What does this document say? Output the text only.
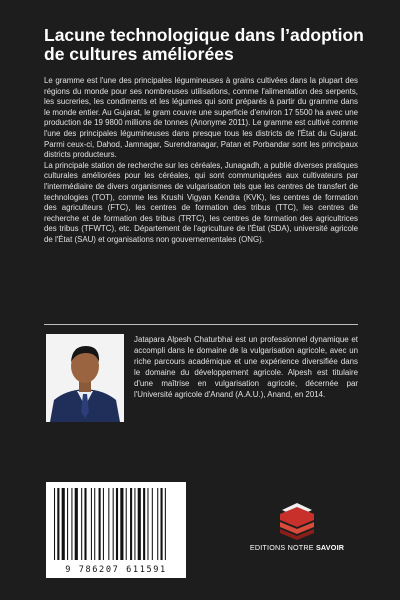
Lacune technologique dans l’adoption de cultures améliorées

Le gramme est l'une des principales légumineuses à grains cultivées dans la plupart des régions du monde pour ses nombreuses utilisations, comme l'alimentation des serpents, les sucreries, les condiments et les légumes qui sont préparés à partir du gramme dans le monde entier. Au Gujarat, le gram couvre une superficie d'environ 17 5500 ha avec une production de 19 9800 millions de tonnes (Anonyme 2011). Le gramme est cultivé comme l'une des principales légumineuses dans presque tous les districts de l'État du Gujarat. Parmi ceux-ci, Dahod, Jamnagar, Surendranagar, Patan et Porbandar sont les principaux districts producteurs.

La principale station de recherche sur les céréales, Junagadh, a publié diverses pratiques culturales améliorées pour les céréales, qui sont communiquées aux cultivateurs par l'intermédiaire de divers organismes de vulgarisation tels que les centres de transfert de technologies (TOT), comme les Krushi Vigyan Kendra (KVK), les centres de formation des agriculteurs (FTC), les centres de formation des tribus (TTC), les centres de recherche et de formation des tribus (TRTC), les centres de formation des agricultrices des tribus (TFWTC), etc. Département de l'agriculture de l'État (SDA), université agricole de l'État (SAU) et organisations non gouvernementales (ONG).

Jatapara Alpesh Chaturbhai est un professionnel dynamique et accompli dans le domaine de la vulgarisation agricole, avec un riche parcours académique et une expérience diversifiée dans le domaine du développement agricole. Alpesh est titulaire d'une maîtrise en vulgarisation agricole, décernée par l'Université agricole d'Anand (A.A.U.), Anand, en 2014.
9 786207 611591
EDITIONS NOTRE SAVOIR
